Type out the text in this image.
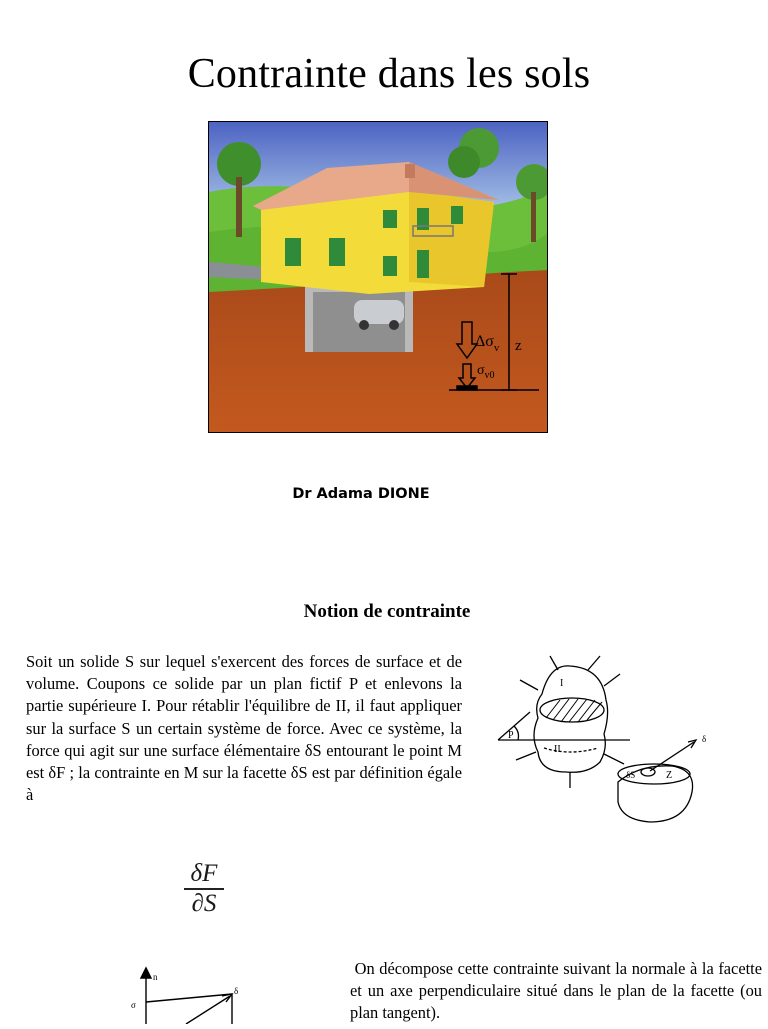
Contrainte dans les sols
$\Delta\sigma_v$ z
$\sigma_{v0}$
Dr Adama DIONE
Notion de contrainte

Soit un solide S sur lequel s'exercent des forces de surface et de volume. Coupons ce solide par un plan fictif P et enlevons la partie supérieure I. Pour rétablir l'équilibre de II, il faut appliquer sur la surface S un certain système de force. Avec ce système, la force qui agit sur une surface élémentaire δS entourant le point M est δF ; la contrainte en M sur la facette δS est par définition égale à

I
II
P
δS	Z
δ
$\frac{\delta F}{\partial S}$
n
σ
δ

On décompose cette contrainte suivant la normale à la facette et un axe perpendiculaire situé dans le plan de la facette (ou plan tangent).
